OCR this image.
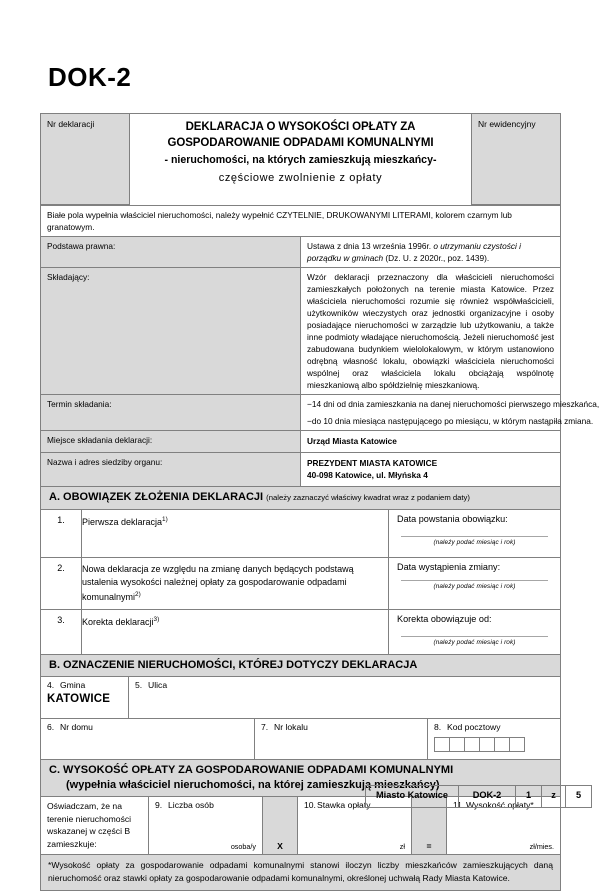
DOK-2
Nr deklaracji	DEKLARACJA O WYSOKOŚCI OPŁATY ZA
GOSPODAROWANIE ODPADAMI KOMUNALNYMI
- nieruchomości, na których zamieszkują mieszkańcy-
częściowe zwolnienie z opłaty
	Nr ewidencyjny
Białe pola wypełnia właściciel nieruchomości, należy wypełnić CZYTELNIE, DRUKOWANYMI LITERAMI, kolorem czarnym lub granatowym.	
Podstawa prawna:	Ustawa z dnia 13 września 1996r. o utrzymaniu czystości i porządku w gminach (Dz. U. z 2020r., poz. 1439).
Składający:	Wzór deklaracji przeznaczony dla właścicieli nieruchomości zamieszkałych położonych na terenie miasta Katowice. Przez właściciela nieruchomości rozumie się również współwłaścicieli, użytkowników wieczystych oraz jednostki organizacyjne i osoby posiadające nieruchomości w zarządzie lub użytkowaniu, a także inne podmioty władające nieruchomością. Jeżeli nieruchomość jest zabudowana budynkiem wielolokalowym, w którym ustanowiono odrębną własność lokalu, obowiązki właściciela nieruchomości wspólnej oraz właściciela lokalu obciążają wspólnotę mieszkaniową albo spółdzielnię mieszkaniową.
Termin składania:	−14 dni od dnia zamieszkania na danej nieruchomości pierwszego mieszkańca,
−do 10 dnia miesiąca następującego po miesiącu, w którym nastąpiła zmiana.

Miejsce składania deklaracji:	Urząd Miasta Katowice
Nazwa i adres siedziby organu:	PREZYDENT MIASTA KATOWICE
40-098 Katowice, ul. Młyńska 4
A. OBOWIĄZEK ZŁOŻENIA DEKLARACJI (należy zaznaczyć właściwy kwadrat wraz z podaniem daty)
1.	Pierwsza deklaracja$^{1)}$	Data powstania obowiązku:
(należy podać miesiąc i rok)

2.	Nowa deklaracja ze względu na zmianę danych będących podstawą ustalenia wysokości należnej opłaty za gospodarowanie odpadami komunalnymi$^{2)}$	Data wystąpienia zmiany:
(należy podać miesiąc i rok)

3.	Korekta deklaracji$^{3)}$	Korekta obowiązuje od:
(należy podać miesiąc i rok)
B. OZNACZENIE NIERUCHOMOŚCI, KTÓREJ DOTYCZY DEKLARACJA
4. Gmina
KATOWICE
	5. Ulica
6. Nr domu	7. Nr lokalu	8. Kod pocztowy
C. WYSOKOŚĆ OPŁATY ZA GOSPODAROWANIE ODPADAMI KOMUNALNYMI
(wypełnia właściciel nieruchomości, na której zamieszkują mieszkańcy)
Oświadczam, że na terenie nieruchomości wskazanej w części B zamieszkuje:	9. Liczba osób
osoba/y	X	10.Stawka opłaty
zł	=	11. Wysokość opłaty*
zł/mies.

*Wysokość opłaty za gospodarowanie odpadami komunalnymi stanowi iloczyn liczby mieszkańców zamieszkujących daną nieruchomość oraz stawki opłaty za gospodarowanie odpadami komunalnymi, określonej uchwałą Rady Miasta Katowice.
Miasto Katowice	DOK-2	1	z	5
